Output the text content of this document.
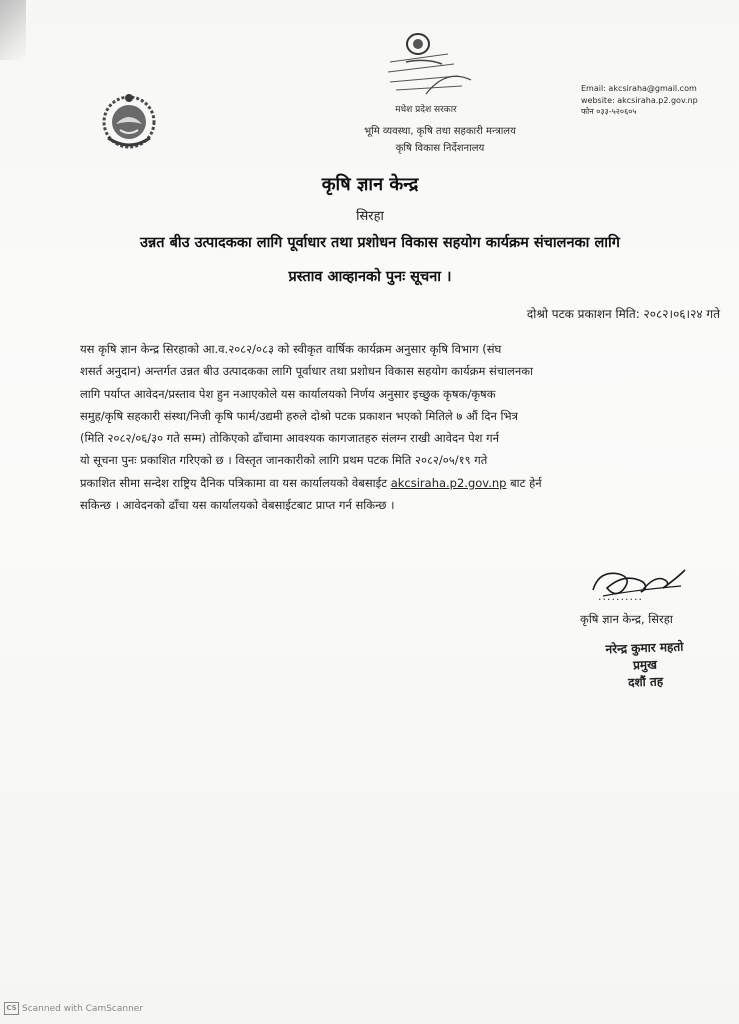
मधेश प्रदेश सरकार
Email: akcsiraha@gmail.com
website: akcsiraha.p2.gov.np
फोन ०३३-५२०६०५
भूमि व्यवस्था, कृषि तथा सहकारी मन्त्रालय
कृषि विकास निर्देशनालय
कृषि ज्ञान केन्द्र
सिरहा
उन्नत बीउ उत्पादकका लागि पूर्वाधार तथा प्रशोधन विकास सहयोग कार्यक्रम संचालनका लागि
प्रस्ताव आव्हानको पुनः सूचना ।
दोश्रो पटक प्रकाशन मिति: २०८२।०६।२४ गते
यस कृषि ज्ञान केन्द्र सिरहाको आ.व.२०८२/०८३ को स्वीकृत वार्षिक कार्यक्रम अनुसार कृषि विभाग (संघ
शसर्त अनुदान) अन्तर्गत उन्नत बीउ उत्पादकका लागि पूर्वाधार तथा प्रशोधन विकास सहयोग कार्यक्रम संचालनका
लागि पर्याप्त आवेदन/प्रस्ताव पेश हुन नआएकोले यस कार्यालयको निर्णय अनुसार इच्छुक कृषक/कृषक
समुह/कृषि सहकारी संस्था/निजी कृषि फार्म/उद्यमी हरुले दोश्रो पटक प्रकाशन भएको मितिले ७ औं दिन भित्र
(मिति २०८२/०६/३० गते सम्म) तोकिएको ढाँचामा आवश्यक कागजातहरु संलग्न राखी आवेदन पेश गर्न
यो सूचना पुनः प्रकाशित गरिएको छ । विस्तृत जानकारीको लागि प्रथम पटक मिति २०८२/०५/१९ गते
प्रकाशित सीमा सन्देश राष्ट्रिय दैनिक पत्रिकामा वा यस कार्यालयको वेबसाईट akcsiraha.p2.gov.np बाट हेर्न
सकिन्छ । आवेदनको ढाँचा यस कार्यालयको वेबसाईटबाट प्राप्त गर्न सकिन्छ ।
..........
कृषि ज्ञान केन्द्र, सिरहा
नरेन्द्र कुमार महतो
प्रमुख
दशौं तह
CS Scanned with CamScanner
